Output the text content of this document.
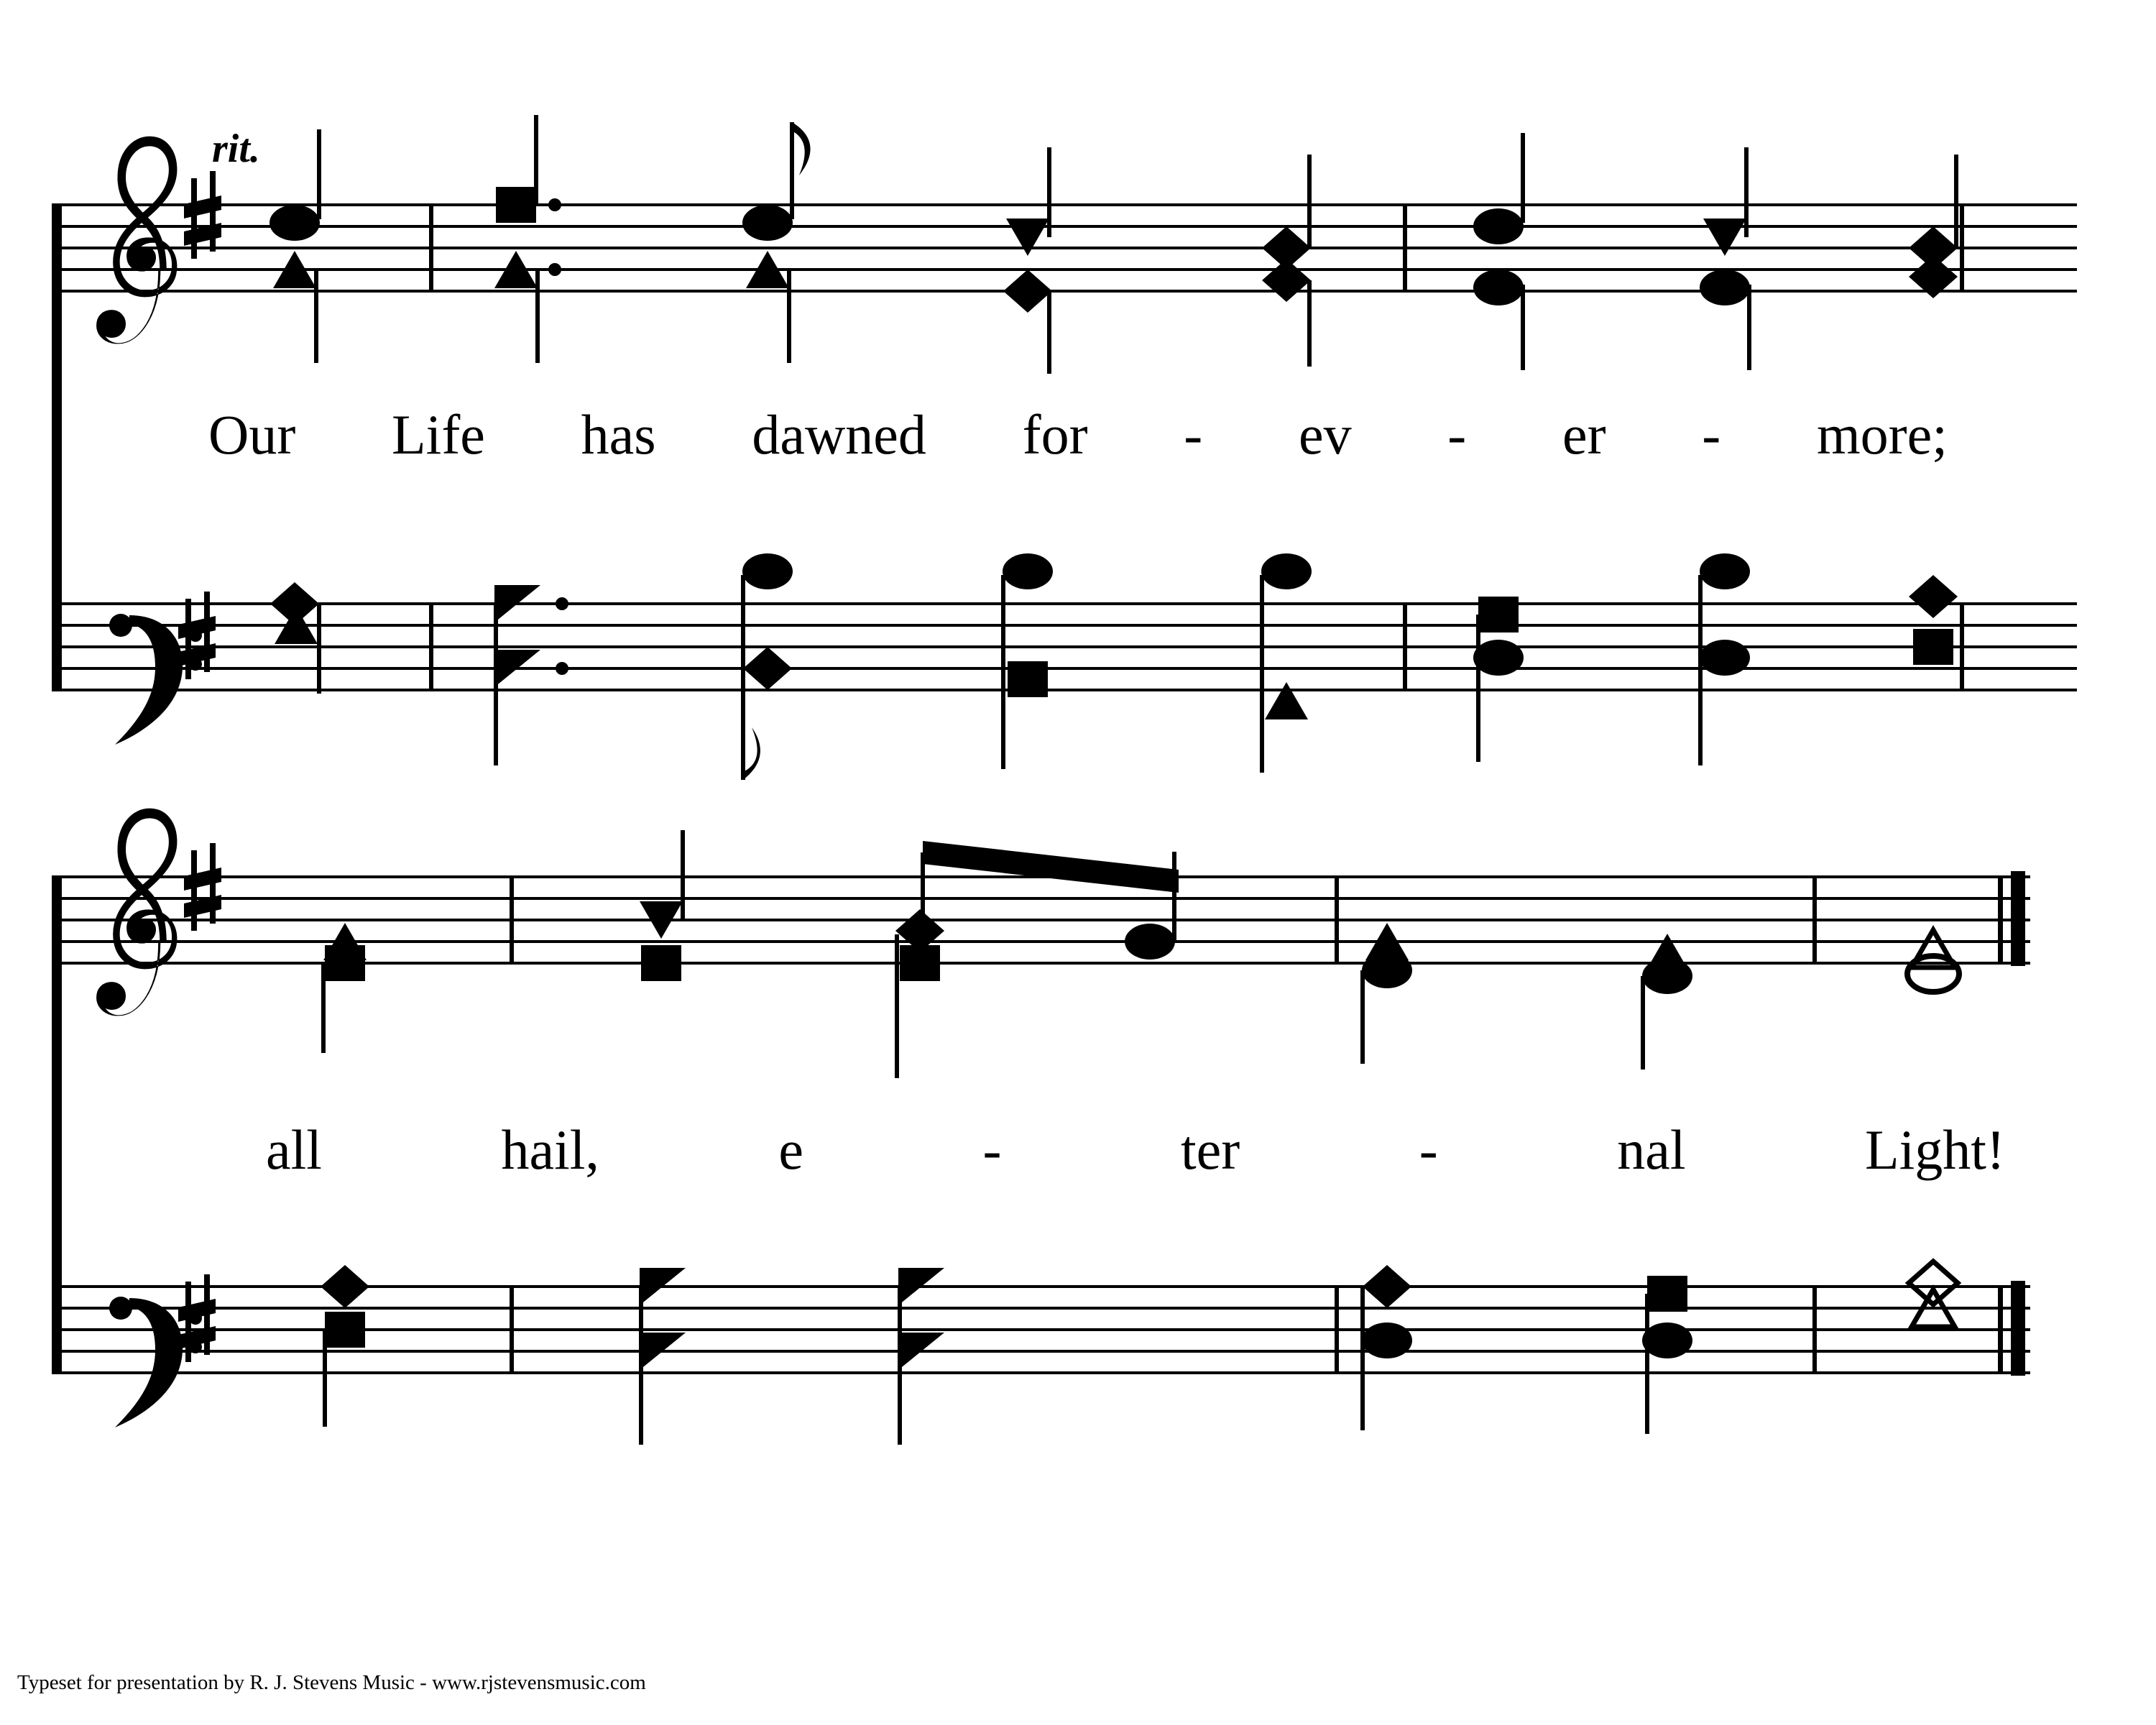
rit.
Our Life has dawned for - ev - er - more;
all	hail,	e	-	ter	-	nal	Light!
Typeset for presentation by R. J. Stevens Music - www.rjstevensmusic.com
